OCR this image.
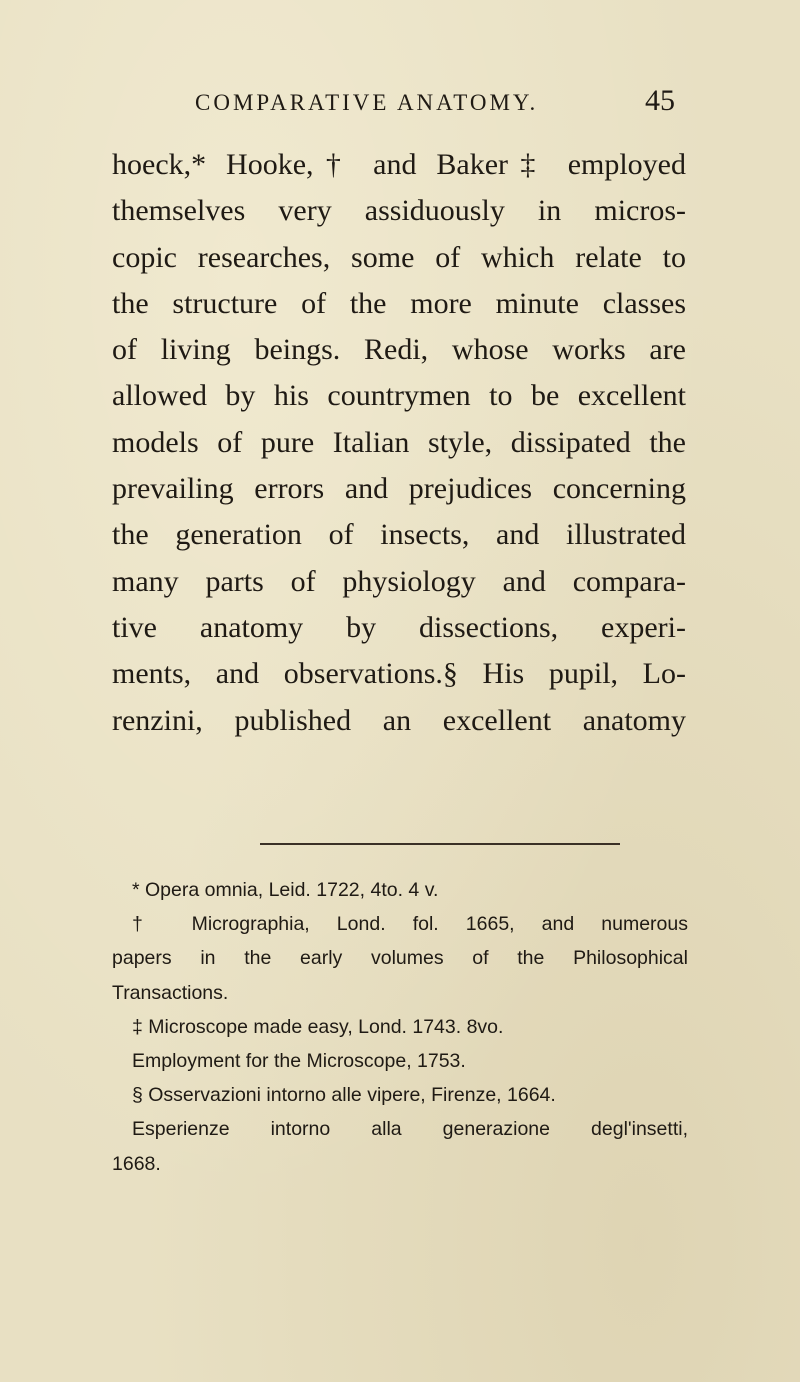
COMPARATIVE ANATOMY.	45
hoeck,* Hooke,† and Baker‡ employed
themselves very assiduously in micros-
copic researches, some of which relate to
the structure of the more minute classes
of living beings. Redi, whose works are
allowed by his countrymen to be excellent
models of pure Italian style, dissipated the
prevailing errors and prejudices concerning
the generation of insects, and illustrated
many parts of physiology and compara-
tive anatomy by dissections, experi-
ments, and observations.§ His pupil, Lo-
renzini, published an excellent anatomy
* Opera omnia, Leid. 1722, 4to. 4 v.
† Micrographia, Lond. fol. 1665, and numerous
papers in the early volumes of the Philosophical
Transactions.
‡ Microscope made easy, Lond. 1743. 8vo.
Employment for the Microscope, 1753.
§ Osservazioni intorno alle vipere, Firenze, 1664.
Esperienze intorno alla generazione degl'insetti,
1668.
